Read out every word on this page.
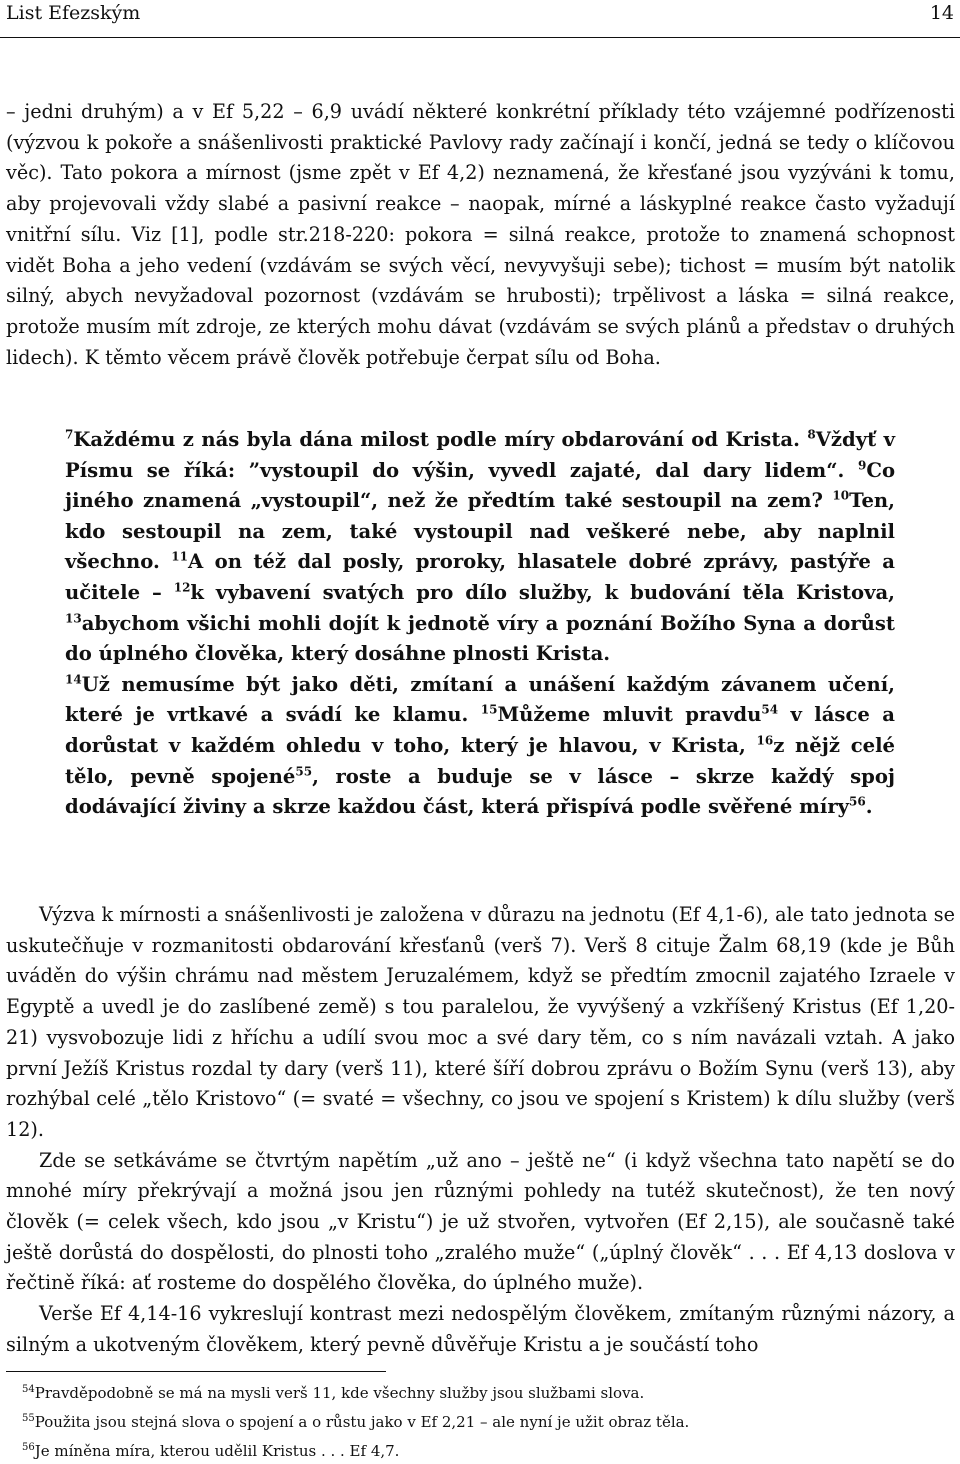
List Efezským	14
– jedni druhým) a v Ef 5,22 – 6,9 uvádí některé konkrétní příklady této vzájemné podřízenosti (výzvou k pokoře a snášenlivosti praktické Pavlovy rady začínají i končí, jedná se tedy o klíčovou věc). Tato pokora a mírnost (jsme zpět v Ef 4,2) neznamená, že křesťané jsou vyzýváni k tomu, aby projevovali vždy slabé a pasivní reakce – naopak, mírné a láskyplné reakce často vyžadují vnitřní sílu. Viz [1], podle str.218-220: pokora = silná reakce, protože to znamená schopnost vidět Boha a jeho vedení (vzdávám se svých věcí, nevyvyšuji sebe); tichost = musím být natolik silný, abych nevyžadoval pozornost (vzdávám se hrubosti); trpělivost a láska = silná reakce, protože musím mít zdroje, ze kterých mohu dávat (vzdávám se svých plánů a představ o druhých lidech). K těmto věcem právě člověk potřebuje čerpat sílu od Boha.
$^7$Každému z nás byla dána milost podle míry obdarování od Krista. $^8$Vždyť v Písmu se říká: ”vystoupil do výšin, vyvedl zajaté, dal dary lidem“. $^9$Co jiného znamená „vystoupil“, než že předtím také sestoupil na zem? $^{10}$Ten, kdo sestoupil na zem, také vystoupil nad veškeré nebe, aby naplnil všechno. $^{11}$A on též dal posly, proroky, hlasatele dobré zprávy, pastýře a učitele – $^{12}$k vybavení svatých pro dílo služby, k budování těla Kristova, $^{13}$abychom všichi mohli dojít k jednotě víry a poznání Božího Syna a dorůst do úplného člověka, který dosáhne plnosti Krista.
$^{14}$Už nemusíme být jako děti, zmítaní a unášení každým závanem učení, které je vrtkavé a svádí ke klamu. $^{15}$Můžeme mluvit pravdu$^{54}$ v lásce a dorůstat v každém ohledu v toho, který je hlavou, v Krista, $^{16}$z nějž celé tělo, pevně spojené$^{55}$, roste a buduje se v lásce – skrze každý spoj dodávající živiny a skrze každou část, která přispívá podle svěřené míry$^{56}$.

Výzva k mírnosti a snášenlivosti je založena v důrazu na jednotu (Ef 4,1-6), ale tato jednota se uskutečňuje v rozmanitosti obdarování křesťanů (verš 7). Verš 8 cituje Žalm 68,19 (kde je Bůh uváděn do výšin chrámu nad městem Jeruzalémem, když se předtím zmocnil zajatého Izraele v Egyptě a uvedl je do zaslíbené země) s tou paralelou, že vyvýšený a vzkříšený Kristus (Ef 1,20-21) vysvobozuje lidi z hříchu a udílí svou moc a své dary těm, co s ním navázali vztah. A jako první Ježíš Kristus rozdal ty dary (verš 11), které šíří dobrou zprávu o Božím Synu (verš 13), aby rozhýbal celé „tělo Kristovo“ (= svaté = všechny, co jsou ve spojení s Kristem) k dílu služby (verš 12).

Zde se setkáváme se čtvrtým napětím „už ano – ještě ne“ (i když všechna tato napětí se do mnohé míry překrývají a možná jsou jen různými pohledy na tutéž skutečnost), že ten nový člověk (= celek všech, kdo jsou „v Kristu“) je už stvořen, vytvořen (Ef 2,15), ale současně také ještě dorůstá do dospělosti, do plnosti toho „zralého muže“ („úplný člověk“ . . . Ef 4,13 doslova v řečtině říká: ať rosteme do dospělého člověka, do úplného muže).

Verše Ef 4,14-16 vykreslují kontrast mezi nedospělým člověkem, zmítaným různými názory, a silným a ukotveným člověkem, který pevně důvěřuje Kristu a je součástí toho

$^{54}$Pravděpodobně se má na mysli verš 11, kde všechny služby jsou službami slova.
$^{55}$Použita jsou stejná slova o spojení a o růstu jako v Ef 2,21 – ale nyní je užit obraz těla.
$^{56}$Je míněna míra, kterou udělil Kristus . . . Ef 4,7.
